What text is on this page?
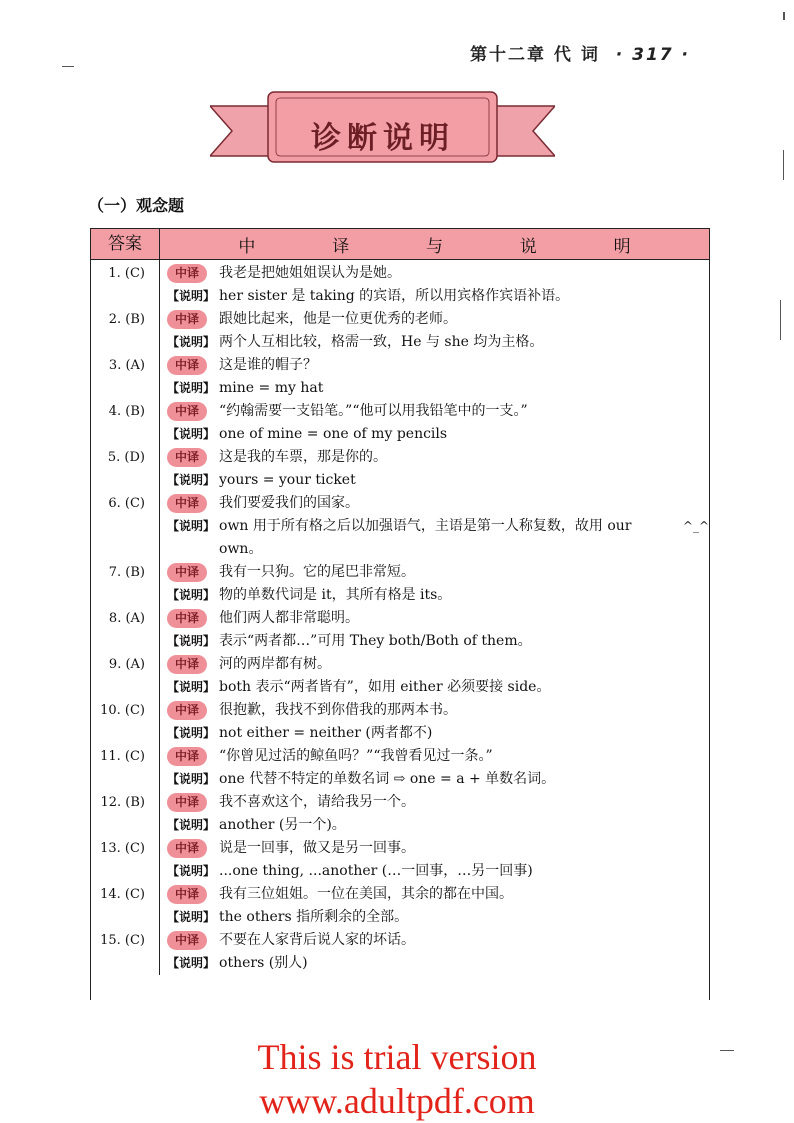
第十二章 代 词 · 317 ·
诊断说明
（一）观念题
答案	中	译	与	说	明
1. (C)	中译	我老是把她姐姐误认为是她。
【说明】 her sister 是 taking 的宾语，所以用宾格作宾语补语。
2. (B)	中译	跟她比起来，他是一位更优秀的老师。
【说明】 两个人互相比较，格需一致，He 与 she 均为主格。
3. (A)	中译	这是谁的帽子？
【说明】 mine = my hat
4. (B)	中译	“约翰需要一支铅笔。”“他可以用我铅笔中的一支。”
【说明】 one of mine = one of my pencils
5. (D)	中译	这是我的车票，那是你的。
【说明】 yours = your ticket
6. (C)	中译	我们要爱我们的国家。
【说明】 own 用于所有格之后以加强语气，主语是第一人称复数，故用 our own。
^_^
7. (B)	中译	我有一只狗。它的尾巴非常短。
【说明】 物的单数代词是 it，其所有格是 its。
8. (A)	中译	他们两人都非常聪明。
【说明】 表示“两者都…”可用 They both/Both of them。
9. (A)	中译	河的两岸都有树。
【说明】 both 表示“两者皆有”，如用 either 必须要接 side。
10. (C)	中译	很抱歉，我找不到你借我的那两本书。
【说明】 not either = neither (两者都不)
11. (C)	中译	“你曾见过活的鲸鱼吗？”“我曾看见过一条。”
【说明】 one 代替不特定的单数名词 ⇨ one = a + 单数名词。
12. (B)	中译	我不喜欢这个，请给我另一个。
【说明】 another (另一个)。
13. (C)	中译	说是一回事，做又是另一回事。
【说明】 ...one thing, ...another (…一回事，…另一回事)
14. (C)	中译	我有三位姐姐。一位在美国，其余的都在中国。
【说明】 the others 指所剩余的全部。
15. (C)	中译	不要在人家背后说人家的坏话。
【说明】 others (别人)
This is trial version
www.adultpdf.com
